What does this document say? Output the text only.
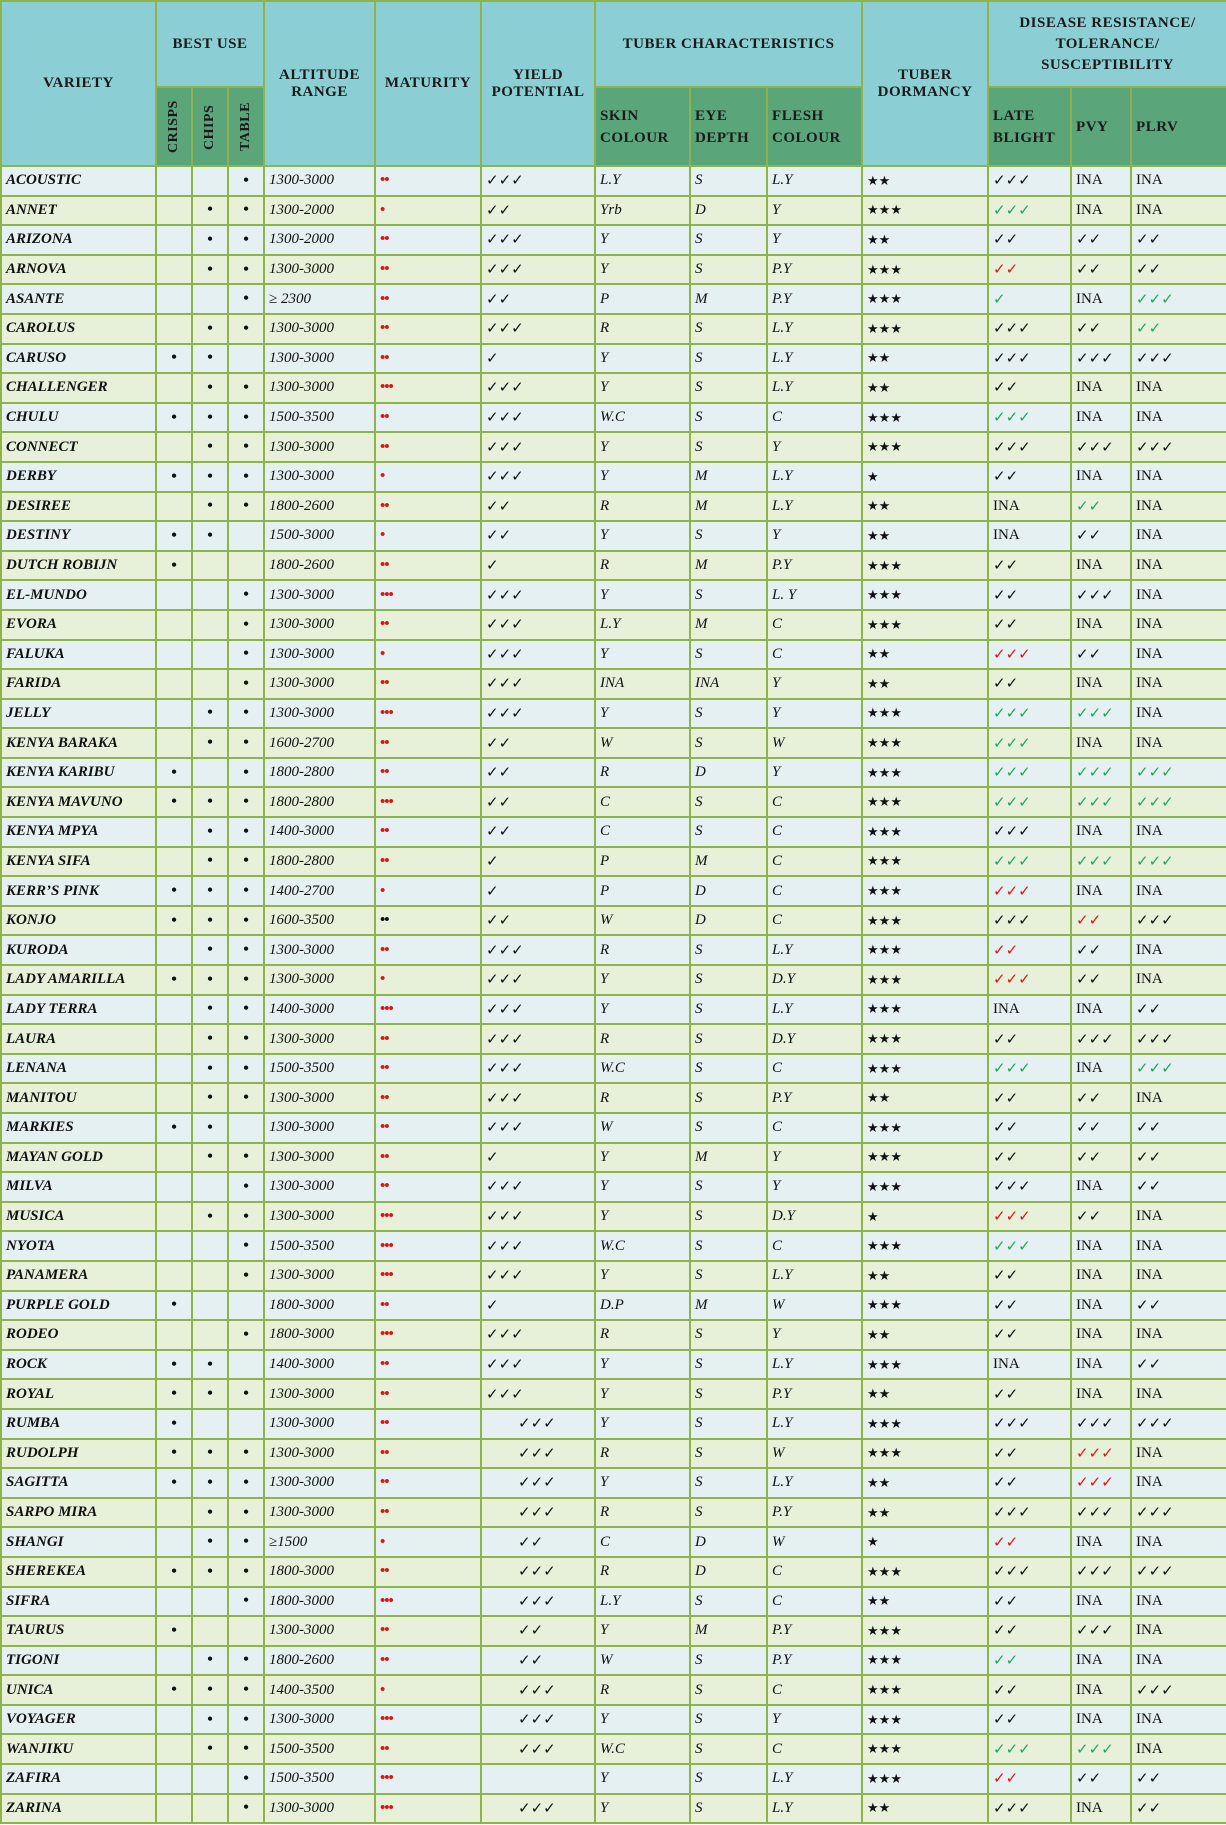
VARIETY	BEST USE			ALTITUDE RANGE	MATURITY	YIELD POTENTIAL	TUBER CHARACTERISTICS			TUBER DORMANCY	DISEASE RESISTANCE/ TOLERANCE/ SUSCEPTIBILITY		

	CRISPS	CHIPS	TABLE				SKIN COLOUR	EYE DEPTH	FLESH COLOUR		LATE BLIGHT	PVY	PLRV
ACOUSTIC			•	1300-3000	••	✓✓✓	L.Y	S	L.Y	★★	✓✓✓	INA	INA
ANNET		•	•	1300-2000	•	✓✓	Yrb	D	Y	★★★	✓✓✓	INA	INA
ARIZONA		•	•	1300-2000	••	✓✓✓	Y	S	Y	★★	✓✓	✓✓	✓✓
ARNOVA		•	•	1300-3000	••	✓✓✓	Y	S	P.Y	★★★	✓✓	✓✓	✓✓
ASANTE			•	≥ 2300	••	✓✓	P	M	P.Y	★★★	✓	INA	✓✓✓
CAROLUS		•	•	1300-3000	••	✓✓✓	R	S	L.Y	★★★	✓✓✓	✓✓	✓✓
CARUSO	•	•		1300-3000	••	✓	Y	S	L.Y	★★	✓✓✓	✓✓✓	✓✓✓
CHALLENGER		•	•	1300-3000	•••	✓✓✓	Y	S	L.Y	★★	✓✓	INA	INA
CHULU	•	•	•	1500-3500	••	✓✓✓	W.C	S	C	★★★	✓✓✓	INA	INA
CONNECT		•	•	1300-3000	••	✓✓✓	Y	S	Y	★★★	✓✓✓	✓✓✓	✓✓✓
DERBY	•	•	•	1300-3000	•	✓✓✓	Y	M	L.Y	★	✓✓	INA	INA
DESIREE		•	•	1800-2600	••	✓✓	R	M	L.Y	★★	INA	✓✓	INA
DESTINY	•	•		1500-3000	•	✓✓	Y	S	Y	★★	INA	✓✓	INA
DUTCH ROBIJN	•			1800-2600	••	✓	R	M	P.Y	★★★	✓✓	INA	INA
EL-MUNDO			•	1300-3000	•••	✓✓✓	Y	S	L. Y	★★★	✓✓	✓✓✓	INA
EVORA			•	1300-3000	••	✓✓✓	L.Y	M	C	★★★	✓✓	INA	INA
FALUKA			•	1300-3000	•	✓✓✓	Y	S	C	★★	✓✓✓	✓✓	INA
FARIDA			•	1300-3000	••	✓✓✓	INA	INA	Y	★★	✓✓	INA	INA
JELLY		•	•	1300-3000	•••	✓✓✓	Y	S	Y	★★★	✓✓✓	✓✓✓	INA
KENYA BARAKA		•	•	1600-2700	••	✓✓	W	S	W	★★★	✓✓✓	INA	INA
KENYA KARIBU	•		•	1800-2800	••	✓✓	R	D	Y	★★★	✓✓✓	✓✓✓	✓✓✓
KENYA MAVUNO	•	•	•	1800-2800	•••	✓✓	C	S	C	★★★	✓✓✓	✓✓✓	✓✓✓
KENYA MPYA		•	•	1400-3000	••	✓✓	C	S	C	★★★	✓✓✓	INA	INA
KENYA SIFA		•	•	1800-2800	••	✓	P	M	C	★★★	✓✓✓	✓✓✓	✓✓✓
KERR’S PINK	•	•	•	1400-2700	•	✓	P	D	C	★★★	✓✓✓	INA	INA
KONJO	•	•	•	1600-3500	••	✓✓	W	D	C	★★★	✓✓✓	✓✓	✓✓✓
KURODA		•	•	1300-3000	••	✓✓✓	R	S	L.Y	★★★	✓✓	✓✓	INA
LADY AMARILLA	•	•	•	1300-3000	•	✓✓✓	Y	S	D.Y	★★★	✓✓✓	✓✓	INA
LADY TERRA		•	•	1400-3000	•••	✓✓✓	Y	S	L.Y	★★★	INA	INA	✓✓
LAURA		•	•	1300-3000	••	✓✓✓	R	S	D.Y	★★★	✓✓	✓✓✓	✓✓✓
LENANA		•	•	1500-3500	••	✓✓✓	W.C	S	C	★★★	✓✓✓	INA	✓✓✓
MANITOU		•	•	1300-3000	••	✓✓✓	R	S	P.Y	★★	✓✓	✓✓	INA
MARKIES	•	•		1300-3000	••	✓✓✓	W	S	C	★★★	✓✓	✓✓	✓✓
MAYAN GOLD		•	•	1300-3000	••	✓	Y	M	Y	★★★	✓✓	✓✓	✓✓
MILVA			•	1300-3000	••	✓✓✓	Y	S	Y	★★★	✓✓✓	INA	✓✓
MUSICA		•	•	1300-3000	•••	✓✓✓	Y	S	D.Y	★	✓✓✓	✓✓	INA
NYOTA			•	1500-3500	•••	✓✓✓	W.C	S	C	★★★	✓✓✓	INA	INA
PANAMERA			•	1300-3000	•••	✓✓✓	Y	S	L.Y	★★	✓✓	INA	INA
PURPLE GOLD	•			1800-3000	••	✓	D.P	M	W	★★★	✓✓	INA	✓✓
RODEO			•	1800-3000	•••	✓✓✓	R	S	Y	★★	✓✓	INA	INA
ROCK	•	•		1400-3000	••	✓✓✓	Y	S	L.Y	★★★	INA	INA	✓✓
ROYAL	•	•	•	1300-3000	••	✓✓✓	Y	S	P.Y	★★	✓✓	INA	INA
RUMBA	•			1300-3000	••	✓✓✓	Y	S	L.Y	★★★	✓✓✓	✓✓✓	✓✓✓
RUDOLPH	•	•	•	1300-3000	••	✓✓✓	R	S	W	★★★	✓✓	✓✓✓	INA
SAGITTA	•	•	•	1300-3000	••	✓✓✓	Y	S	L.Y	★★	✓✓	✓✓✓	INA
SARPO MIRA		•	•	1300-3000	••	✓✓✓	R	S	P.Y	★★	✓✓✓	✓✓✓	✓✓✓
SHANGI		•	•	≥1500	•	✓✓	C	D	W	★	✓✓	INA	INA
SHEREKEA	•	•	•	1800-3000	••	✓✓✓	R	D	C	★★★	✓✓✓	✓✓✓	✓✓✓
SIFRA			•	1800-3000	•••	✓✓✓	L.Y	S	C	★★	✓✓	INA	INA
TAURUS	•			1300-3000	••	✓✓	Y	M	P.Y	★★★	✓✓	✓✓✓	INA
TIGONI		•	•	1800-2600	••	✓✓	W	S	P.Y	★★★	✓✓	INA	INA
UNICA	•	•	•	1400-3500	•	✓✓✓	R	S	C	★★★	✓✓	INA	✓✓✓
VOYAGER		•	•	1300-3000	•••	✓✓✓	Y	S	Y	★★★	✓✓	INA	INA
WANJIKU		•	•	1500-3500	••	✓✓✓	W.C	S	C	★★★	✓✓✓	✓✓✓	INA
ZAFIRA			•	1500-3500	•••		Y	S	L.Y	★★★	✓✓	✓✓	✓✓
ZARINA			•	1300-3000	•••	✓✓✓	Y	S	L.Y	★★	✓✓✓	INA	✓✓
